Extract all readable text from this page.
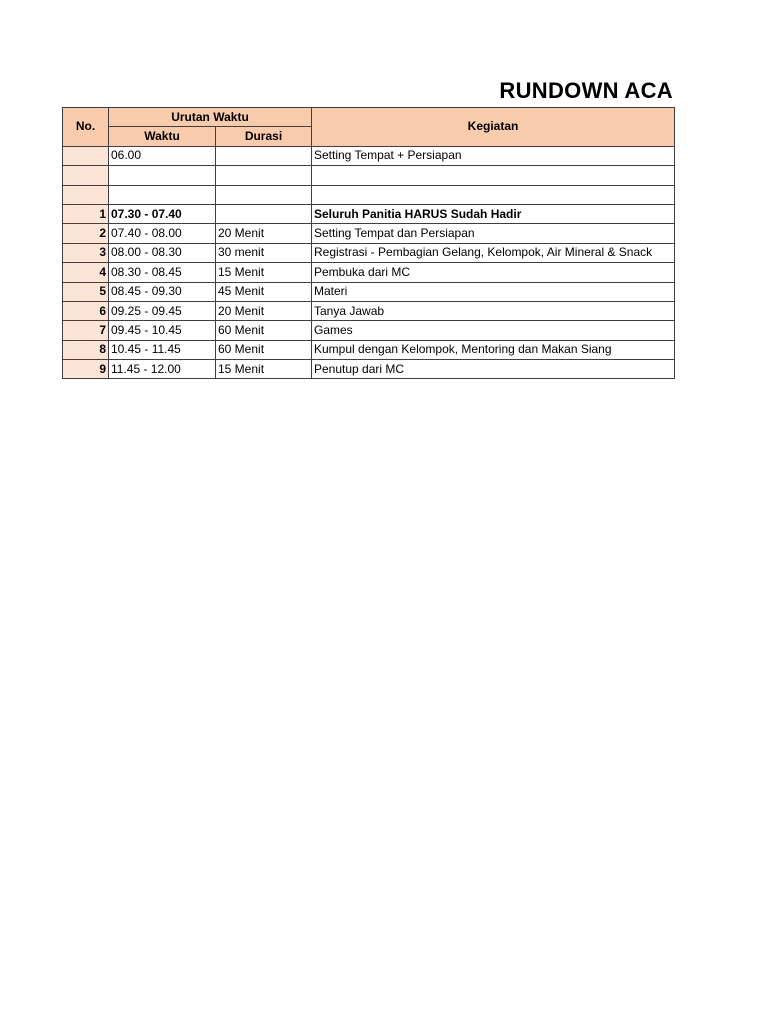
RUNDOWN ACA
No.	Urutan Waktu		Kegiatan
	Waktu	Durasi	
	06.00		Setting Tempat + Persiapan

1	07.30 - 07.40		Seluruh Panitia HARUS Sudah Hadir
2	07.40 - 08.00	20 Menit	Setting Tempat dan Persiapan
3	08.00 - 08.30	30 menit	Registrasi - Pembagian Gelang, Kelompok, Air Mineral & Snack
4	08.30 - 08.45	15 Menit	Pembuka dari MC
5	08.45 - 09.30	45 Menit	Materi
6	09.25 - 09.45	20 Menit	Tanya Jawab
7	09.45 - 10.45	60 Menit	Games
8	10.45 - 11.45	60 Menit	Kumpul dengan Kelompok, Mentoring dan Makan Siang
9	11.45 - 12.00	15 Menit	Penutup dari MC
